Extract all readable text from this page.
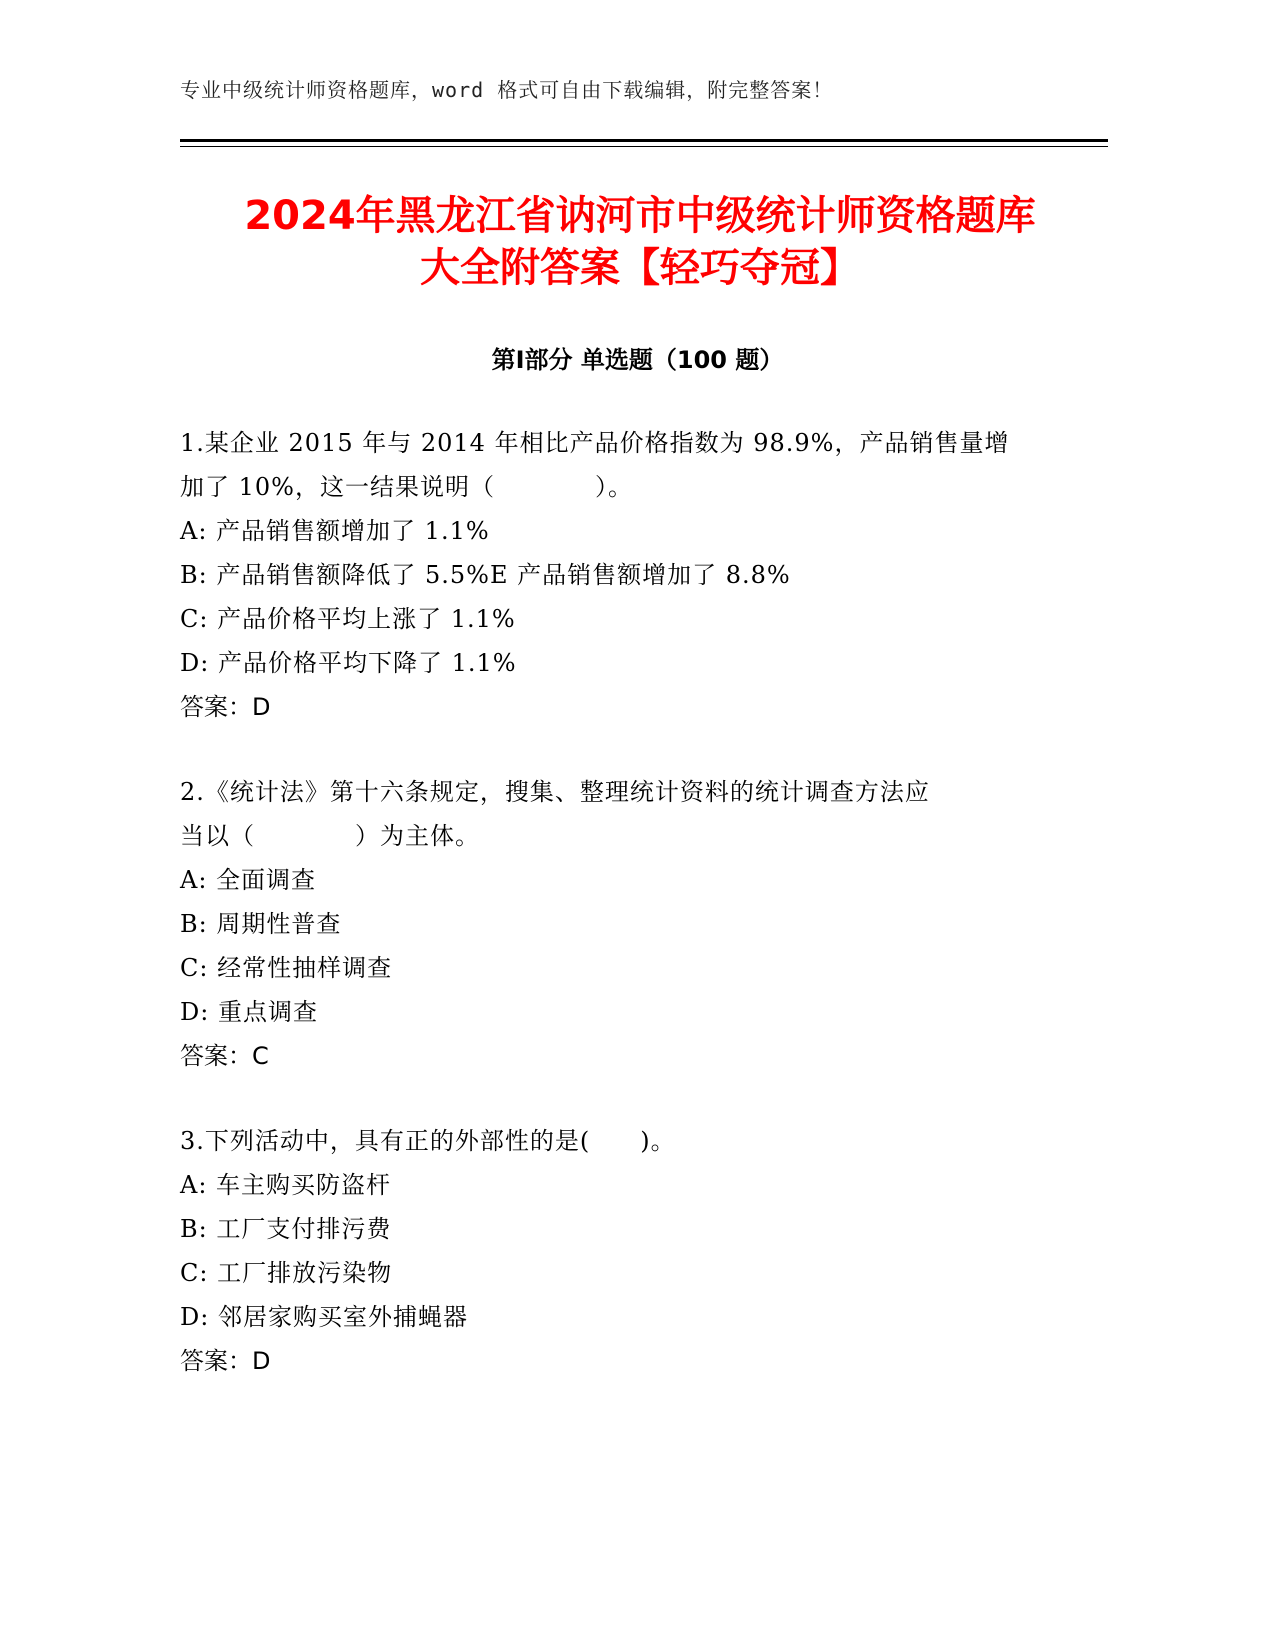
专业中级统计师资格题库，word 格式可自由下载编辑，附完整答案！
2024年黑龙江省讷河市中级统计师资格题库
大全附答案【轻巧夺冠】
第Ⅰ部分 单选题（100 题）
1.某企业 2015 年与 2014 年相比产品价格指数为 98.9%，产品销售量增
加了 10%，这一结果说明（　　　　）。
A: 产品销售额增加了 1.1%
B: 产品销售额降低了 5.5%E 产品销售额增加了 8.8%
C: 产品价格平均上涨了 1.1%
D: 产品价格平均下降了 1.1%
答案：D
2.《统计法》第十六条规定，搜集、整理统计资料的统计调查方法应
当以（　　　　）为主体。
A: 全面调查
B: 周期性普查
C: 经常性抽样调查
D: 重点调查
答案：C
3.下列活动中，具有正的外部性的是(　　)。
A: 车主购买防盗杆
B: 工厂支付排污费
C: 工厂排放污染物
D: 邻居家购买室外捕蝇器
答案：D
